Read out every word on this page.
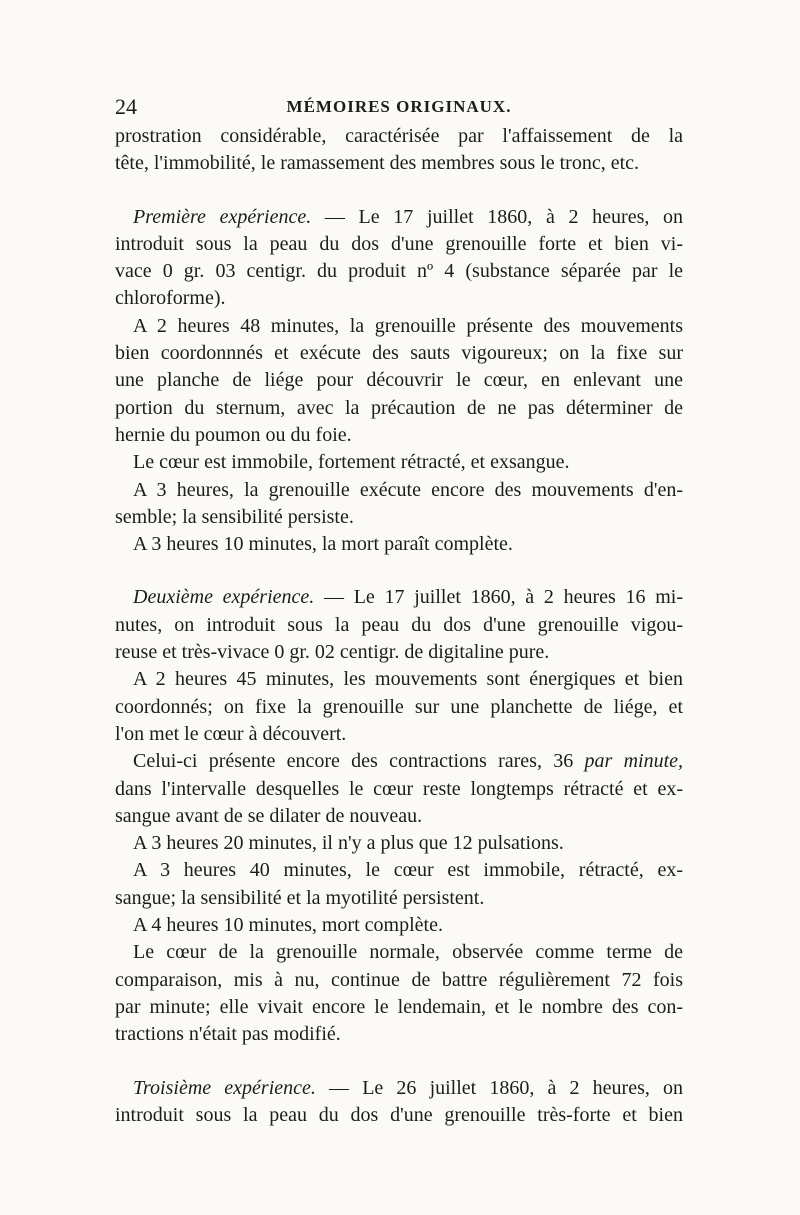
24	MÉMOIRES ORIGINAUX.
prostration considérable, caractérisée par l'affaissement de la
tête, l'immobilité, le ramassement des membres sous le tronc, etc.
Première expérience. — Le 17 juillet 1860, à 2 heures, on
introduit sous la peau du dos d'une grenouille forte et bien vi-
vace 0 gr. 03 centigr. du produit nº 4 (substance séparée par le
chloroforme).
A 2 heures 48 minutes, la grenouille présente des mouvements
bien coordonnnés et exécute des sauts vigoureux; on la fixe sur
une planche de liége pour découvrir le cœur, en enlevant une
portion du sternum, avec la précaution de ne pas déterminer de
hernie du poumon ou du foie.
Le cœur est immobile, fortement rétracté, et exsangue.
A 3 heures, la grenouille exécute encore des mouvements d'en-
semble; la sensibilité persiste.
A 3 heures 10 minutes, la mort paraît complète.
Deuxième expérience. — Le 17 juillet 1860, à 2 heures 16 mi-
nutes, on introduit sous la peau du dos d'une grenouille vigou-
reuse et très-vivace 0 gr. 02 centigr. de digitaline pure.
A 2 heures 45 minutes, les mouvements sont énergiques et bien
coordonnés; on fixe la grenouille sur une planchette de liége, et
l'on met le cœur à découvert.
Celui-ci présente encore des contractions rares, 36 par minute,
dans l'intervalle desquelles le cœur reste longtemps rétracté et ex-
sangue avant de se dilater de nouveau.
A 3 heures 20 minutes, il n'y a plus que 12 pulsations.
A 3 heures 40 minutes, le cœur est immobile, rétracté, ex-
sangue; la sensibilité et la myotilité persistent.
A 4 heures 10 minutes, mort complète.
Le cœur de la grenouille normale, observée comme terme de
comparaison, mis à nu, continue de battre régulièrement 72 fois
par minute; elle vivait encore le lendemain, et le nombre des con-
tractions n'était pas modifié.
Troisième expérience. — Le 26 juillet 1860, à 2 heures, on
introduit sous la peau du dos d'une grenouille très-forte et bien
